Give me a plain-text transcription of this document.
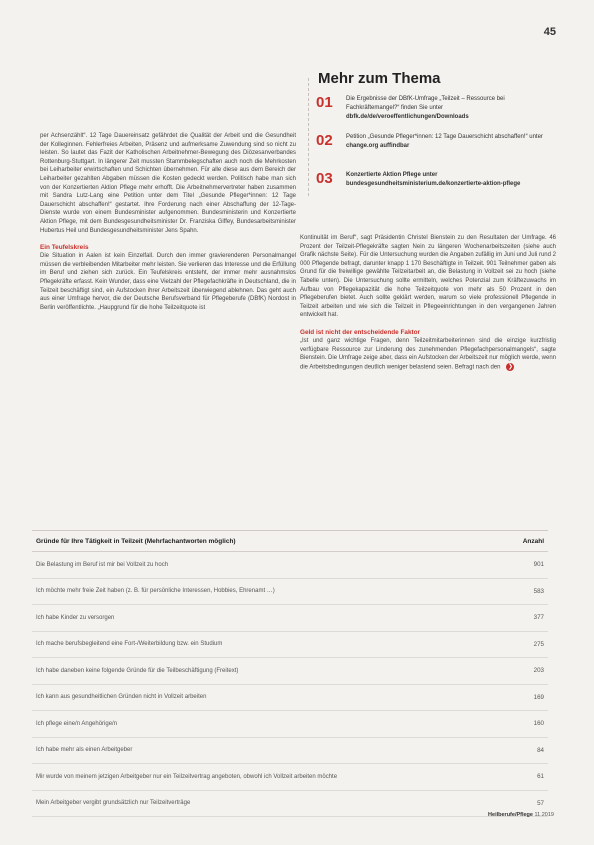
45
Mehr zum Thema
01	Die Ergebnisse der DBfK-Umfrage „Teilzeit – Ressource bei Fachkräftemangel?“ finden Sie unter dbfk.de/de/veroeffentlichungen/Downloads
02	Petition „Gesunde Pfleger*innen: 12 Tage Dauerschicht abschaffen!“ unter change.org auffindbar
03	Konzertierte Aktion Pflege unter bundesgesundheitsministerium.de/konzertierte-aktion-pflege

per Achsenzählt“. 12 Tage Dauereinsatz gefährdet die Qualität der Arbeit und die Gesundheit der Kolleginnen. Fehlerfreies Arbeiten, Präsenz und aufmerksame Zuwendung sind so nicht zu leisten. So lautet das Fazit der Katholischen Arbeitnehmer-Bewegung des Diözesanverbandes Rottenburg-Stuttgart. In längerer Zeit mussten Stammbelegschaften auch noch die Mehrkosten bei Leiharbeiter erwirtschaften und Schichten übernehmen. Für alle diese aus dem Bereich der Leiharbeiter gezahlten Abgaben müssen die Kosten gedeckt werden. Politisch habe man sich von der Konzertierten Aktion Pflege mehr erhofft. Die Arbeitnehmervertreter haben zusammen mit Sandra Lutz-Lang eine Petition unter dem Titel „Gesunde Pfleger*innen: 12 Tage Dauerschicht abschaffen!“ gestartet. Ihre Forderung nach einer Abschaffung der 12-Tage-Dienste wurde von einem Bundesminister aufgenommen. Bundesministerin und Konzertierte Aktion Pflege, mit dem Bundesgesundheitsminister Dr. Franziska Giffey, Bundesarbeitsminister Hubertus Heil und Bundesgesundheitsminister Jens Spahn.

Ein Teufelskreis

Die Situation in Aalen ist kein Einzelfall. Durch den immer gravierenderen Personalmangel müssen die verbleibenden Mitarbeiter mehr leisten. Sie verlieren das Interesse und die Erfüllung im Beruf und ziehen sich zurück. Ein Teufelskreis entsteht, der immer mehr ausnahmslos Pflegekräfte erfasst. Kein Wunder, dass eine Vielzahl der Pflegefachkräfte in Deutschland, die in Teilzeit beschäftigt sind, ein Aufstocken ihrer Arbeitszeit überwiegend ablehnen. Das geht auch aus einer Umfrage hervor, die der Deutsche Berufsverband für Pflegeberufe (DBfK) Nordost in Berlin veröffentlichte. „Haupgrund für die hohe Teilzeitquote ist

Kontinuität im Beruf“, sagt Präsidentin Christel Bienstein zu den Resultaten der Umfrage. 46 Prozent der Teilzeit-Pflegekräfte sagten Nein zu längeren Wochenarbeitszeiten (siehe auch Grafik nächste Seite). Für die Untersuchung wurden die Angaben zufällig im Juni und Juli rund 2 000 Pflegende befragt, darunter knapp 1 170 Beschäftigte in Teilzeit. 901 Teilnehmer gaben als Grund für die freiwillige gewählte Teilzeitarbeit an, die Belastung in Vollzeit sei zu hoch (siehe Tabelle unten). Die Untersuchung sollte ermitteln, welches Potenzial zum Kräftezuwachs im Aufbau von Pflegekapazität die hohe Teilzeitquote von mehr als 50 Prozent in den Pflegeberufen bietet. Auch sollte geklärt werden, warum so viele professionell Pflegende in Teilzeit arbeiten und wie sich die Teilzeit in Pflegeeinrichtungen in den vergangenen Jahren entwickelt hat.

Geld ist nicht der entscheidende Faktor

„Ist und ganz wichtige Fragen, denn Teilzeitmitarbeiterinnen sind die einzige kurzfristig verfügbare Ressource zur Linderung des zunehmenden Pflegefachpersonalmangels“, sagte Bienstein. Die Umfrage zeige aber, dass ein Aufstocken der Arbeitszeit nur möglich werde, wenn die Arbeitsbedingungen deutlich weniger belastend seien. Befragt nach den ❯

Gründe für Ihre Tätigkeit in Teilzeit (Mehrfachantworten möglich)	Anzahl
Die Belastung im Beruf ist mir bei Vollzeit zu hoch	901
Ich möchte mehr freie Zeit haben (z. B. für persönliche Interessen, Hobbies, Ehrenamt …)	583
Ich habe Kinder zu versorgen	377
Ich mache berufsbegleitend eine Fort-/Weiterbildung bzw. ein Studium	275
Ich habe daneben keine folgende Gründe für die Teilbeschäftigung (Freitext)	203
Ich kann aus gesundheitlichen Gründen nicht in Vollzeit arbeiten	169
Ich pflege eine/n Angehörige/n	160
Ich habe mehr als einen Arbeitgeber	84
Mir wurde von meinem jetzigen Arbeitgeber nur ein Teilzeitvertrag angeboten, obwohl ich Vollzeit arbeiten möchte	61
Mein Arbeitgeber vergibt grundsätzlich nur Teilzeitverträge	57
Heilberufe/Pflege 11.2019
